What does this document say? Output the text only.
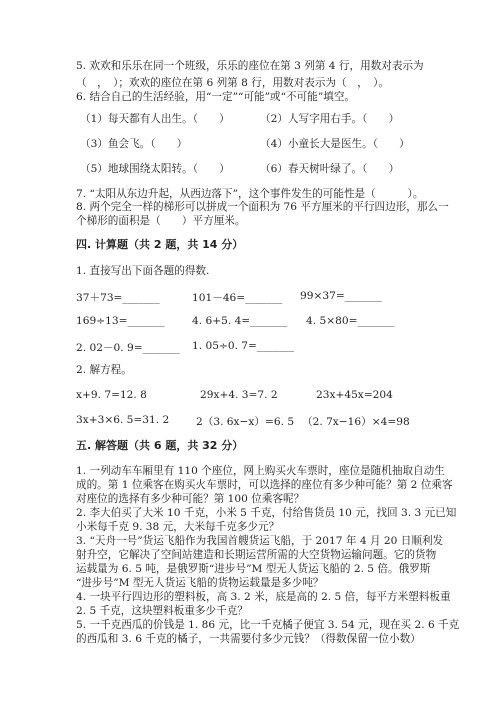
5. 欢欢和乐乐在同一个班级，乐乐的座位在第 3 列第 4 行，用数对表示为
（　，　）；欢欢的座位在第 6 列第 8 行，用数对表示为（　，　）。
6. 结合自己的生活经验，用“一定”“可能”或“不可能”填空。
（1）每天都有人出生。（　　）	（2）人写字用右手。（　　）
（3）鱼会飞。（　　）	（4）小童长大是医生。（　　）
（5）地球围绕太阳转。（　　）	（6）春天树叶绿了。（　　）
7. “太阳从东边升起，从西边落下”，这个事件发生的可能性是（　　　）。
8. 两个完全一样的梯形可以拼成一个面积为 76 平方厘米的平行四边形，那么一
个梯形的面积是（　　）平方厘米。
四. 计算题（共 2 题，共 14 分）
1. 直接写出下面各题的得数.
37＋73=_______	101－46=_______ 99×37=_______
169÷13=_______	4. 6+5. 4=_______ 4. 5×80=_______
2. 02－0. 9=_______ 1. 05÷0. 7=_______
2. 解方程。
x+9. 7=12. 8	29x+4. 3=7. 2	23x+45x=204
3x+3×6. 5=31. 2	2（3. 6x−x）=6. 5 （2. 7x−16）×4=98
五. 解答题（共 6 题，共 32 分）
1. 一列动车车厢里有 110 个座位，网上购买火车票时，座位是随机抽取自动生
成的。第 1 位乘客在购买火车票时，可以选择的座位有多少种可能？第 2 位乘客
对座位的选择有多少种可能？第 100 位乘客呢？
2. 李大伯买了大米 10 千克，小米 5 千克，付给售货员 10 元，找回 3. 3 元已知
小米每千克 9. 38 元，大米每千克多少元？
3. “天舟一号”货运飞船作为我国首艘货运飞船，于 2017 年 4 月 20 日顺利发
射升空，它解决了空间站建造和长期运营所需的大空货物运输问题。它的货物
运载量为 6. 5 吨，是俄罗斯“进步号”M 型无人货运飞船的 2. 5 倍。俄罗斯
“进步号”M 型无人货运飞船的货物运载量是多少吨？
4. 一块平行四边形的塑料板，高 3. 2 米，底是高的 2. 5 倍，每平方米塑料板重
2. 5 千克，这块塑料板重多少千克？
5. 一千克西瓜的价钱是 1. 86 元，比一千克橘子便宜 3. 54 元，现在买 2. 6 千克
的西瓜和 3. 6 千克的橘子，一共需要付多少元钱？（得数保留一位小数）
